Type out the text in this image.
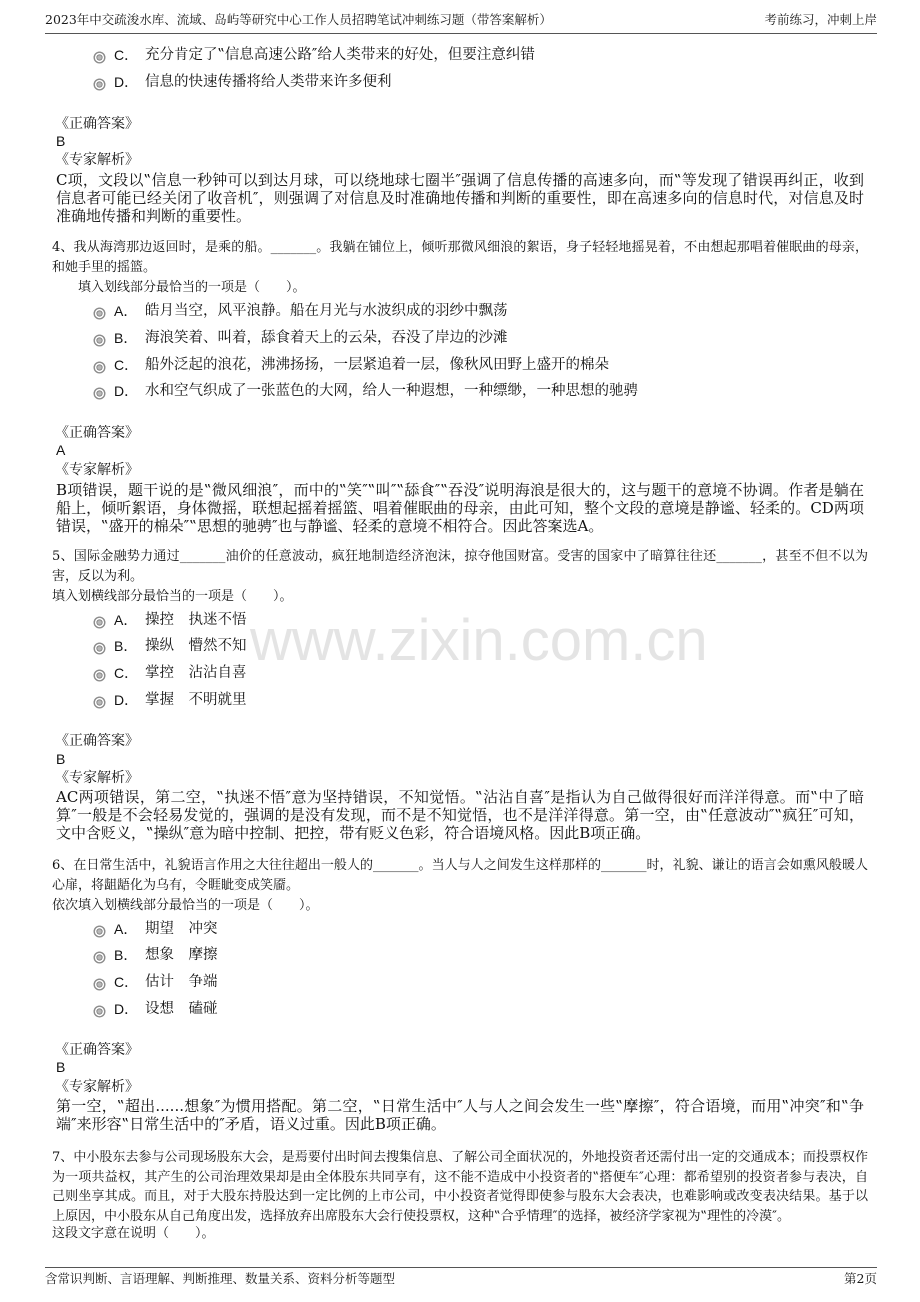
2023年中交疏浚水库、流域、岛屿等研究中心工作人员招聘笔试冲刺练习题（带答案解析）	考前练习，冲刺上岸
www.zixin.com.cn
C． 充分肯定了‟信息高速公路″给人类带来的好处，但要注意纠错
D． 信息的快速传播将给人类带来许多便利
《正确答案》
B
《专家解析》
C项，文段以‟信息一秒钟可以到达月球，可以绕地球七圈半″强调了信息传播的高速多向，而‟等发现了错误再纠正，收到信息者可能已经关闭了收音机″，则强调了对信息及时准确地传播和判断的重要性，即在高速多向的信息时代，对信息及时准确地传播和判断的重要性。
4、我从海湾那边返回时，是乘的船。_______。我躺在铺位上，倾听那微风细浪的絮语，身子轻轻地摇晃着，不由想起那唱着催眠曲的母亲，和她手里的摇篮。
填入划线部分最恰当的一项是（　　）。
A． 皓月当空，风平浪静。船在月光与水波织成的羽纱中飘荡
B． 海浪笑着、叫着，舔食着天上的云朵，吞没了岸边的沙滩
C． 船外泛起的浪花，沸沸扬扬，一层紧追着一层，像秋风田野上盛开的棉朵
D． 水和空气织成了一张蓝色的大网，给人一种遐想，一种缥缈，一种思想的驰骋
《正确答案》
A
《专家解析》
B项错误，题干说的是‟微风细浪″，而中的‟笑″‟叫″‟舔食″‟吞没″说明海浪是很大的，这与题干的意境不协调。作者是躺在船上，倾听絮语，身体微摇，联想起摇着摇篮、唱着催眠曲的母亲，由此可知，整个文段的意境是静谧、轻柔的。CD两项错误，‟盛开的棉朵″‟思想的驰骋″也与静谧、轻柔的意境不相符合。因此答案选A。
5、国际金融势力通过_______油价的任意波动，疯狂地制造经济泡沫，掠夺他国财富。受害的国家中了暗算往往还_______，甚至不但不以为害，反以为利。
填入划横线部分最恰当的一项是（　　）。
A． 操控　执迷不悟
B． 操纵　懵然不知
C． 掌控　沾沾自喜
D． 掌握　不明就里
《正确答案》
B
《专家解析》
AC两项错误，第二空，‟执迷不悟″意为坚持错误，不知觉悟。‟沾沾自喜″是指认为自己做得很好而洋洋得意。而‟中了暗算″一般是不会轻易发觉的，强调的是没有发现，而不是不知觉悟，也不是洋洋得意。第一空，由‟任意波动″‟疯狂″可知，文中含贬义，‟操纵″意为暗中控制、把控，带有贬义色彩，符合语境风格。因此B项正确。
6、在日常生活中，礼貌语言作用之大往往超出一般人的_______。当人与人之间发生这样那样的_______时，礼貌、谦让的语言会如熏风般暖人心扉，将龃龉化为乌有，令睚眦变成笑靥。
依次填入划横线部分最恰当的一项是（　　）。
A． 期望　冲突
B． 想象　摩擦
C． 估计　争端
D． 设想　磕碰
《正确答案》
B
《专家解析》
第一空，‟超出......想象″为惯用搭配。第二空，‟日常生活中″人与人之间会发生一些‟摩擦″，符合语境，而用‟冲突″和‟争端″来形容‟日常生活中的″矛盾，语义过重。因此B项正确。
7、中小股东去参与公司现场股东大会，是焉要付出时间去搜集信息、了解公司全面状况的，外地投资者还需付出一定的交通成本；而投票权作为一项共益权，其产生的公司治理效果却是由全体股东共同享有，这不能不造成中小投资者的‟搭便车″心理：都希望别的投资者参与表决，自己则坐享其成。而且，对于大股东持股达到一定比例的上市公司，中小投资者觉得即使参与股东大会表决，也难影响或改变表决结果。基于以上原因，中小股东从自己角度出发，选择放弃出席股东大会行使投票权，这种‟合乎情理″的选择，被经济学家视为‟理性的冷漠″。
这段文字意在说明（　　）。
含常识判断、言语理解、判断推理、数量关系、资料分析等题型	第2页
